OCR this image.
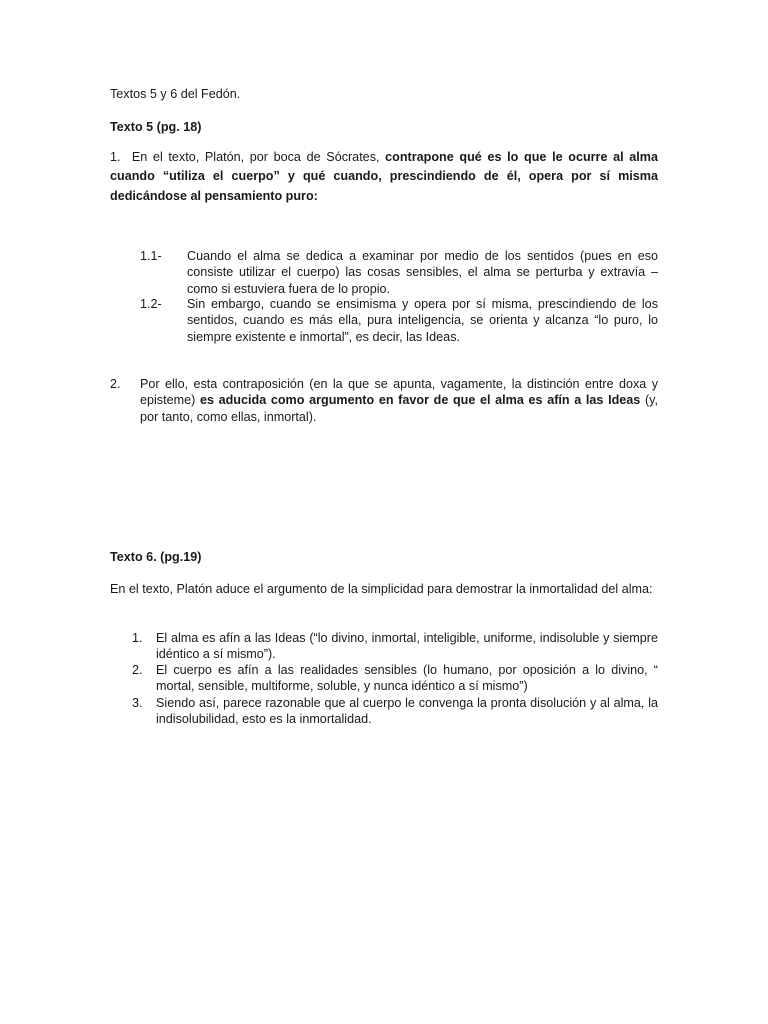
Textos 5 y 6 del Fedón.
Texto 5 (pg. 18)
1. En el texto, Platón, por boca de Sócrates, contrapone qué es lo que le ocurre al alma cuando “utiliza el cuerpo” y qué cuando, prescindiendo de él, opera por sí misma dedicándose al pensamiento puro:
1.1- Cuando el alma se dedica a examinar por medio de los sentidos (pues en eso consiste utilizar el cuerpo) las cosas sensibles, el alma se perturba y extravía – como si estuviera fuera de lo propio.
1.2- Sin embargo, cuando se ensimisma y opera por sí misma, prescindiendo de los sentidos, cuando es más ella, pura inteligencia, se orienta y alcanza “lo puro, lo siempre existente e inmortal”, es decir, las Ideas.
2. Por ello, esta contraposición (en la que se apunta, vagamente, la distinción entre doxa y episteme) es aducida como argumento en favor de que el alma es afín a las Ideas (y, por tanto, como ellas, inmortal).
Texto 6. (pg.19)
En el texto, Platón aduce el argumento de la simplicidad para demostrar la inmortalidad del alma:
1. El alma es afín a las Ideas (“lo divino, inmortal, inteligible, uniforme, indisoluble y siempre idéntico a sí mismo”).
2. El cuerpo es afín a las realidades sensibles (lo humano, por oposición a lo divino, “ mortal, sensible, multiforme, soluble, y nunca idéntico a sí mismo”)
3. Siendo así, parece razonable que al cuerpo le convenga la pronta disolución y al alma, la indisolubilidad, esto es la inmortalidad.
